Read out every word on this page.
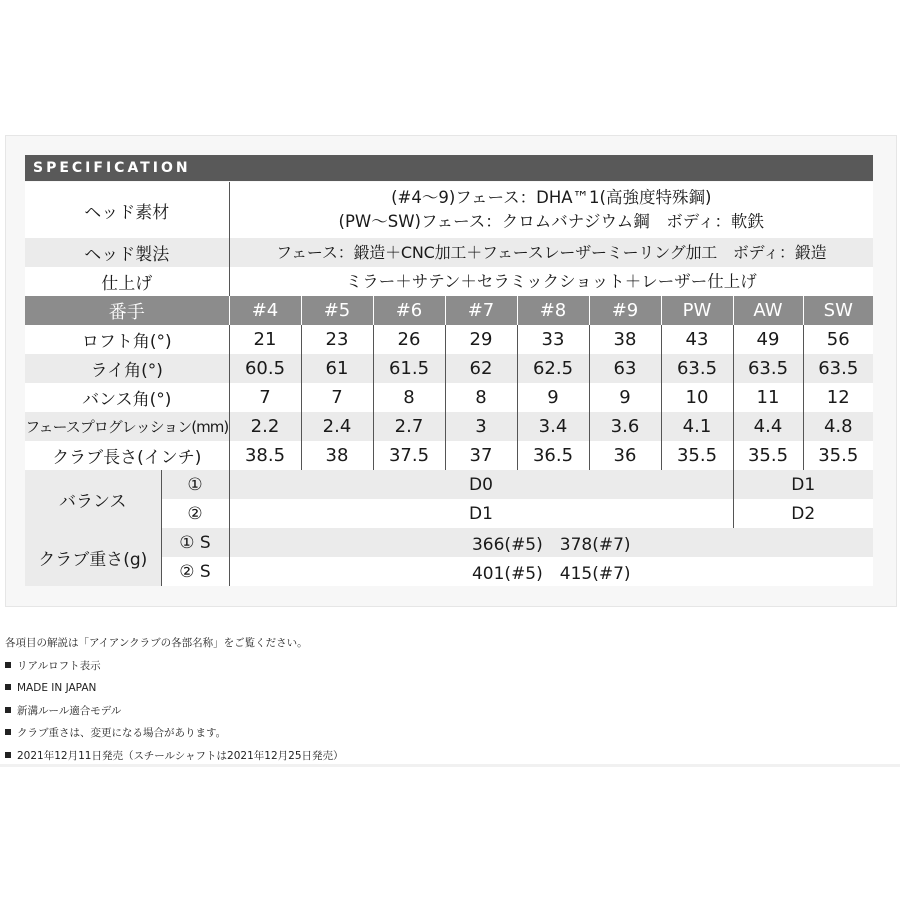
SPECIFICATION
ヘッド素材		(#4～9)フェース：DHA™1(高強度特殊鋼)
(PW～SW)フェース：クロムバナジウム鋼　ボディ：軟鉄								

ヘッド製法		フェース：鍛造＋CNC加工＋フェースレーザーミーリング加工　ボディ：鍛造								
仕上げ		ミラー＋サテン＋セラミックショット＋レーザー仕上げ								
番手		#4	#5	#6	#7	#8	#9	PW	AW	SW
ロフト角(°)		21	23	26	29	33	38	43	49	56
ライ角(°)		60.5	61	61.5	62	62.5	63	63.5	63.5	63.5
バンス角(°)		7	7	8	8	9	9	10	11	12
フェースプログレッション(mm)		2.2	2.4	2.7	3	3.4	3.6	4.1	4.4	4.8
クラブ長さ(インチ)		38.5	38	37.5	37	36.5	36	35.5	35.5	35.5
バランス	①	D0							D1	
	②	D1							D2	
クラブ重さ(g)	① S	366(#5)　378(#7)								
	② S	401(#5)　415(#7)								
各項目の解説は「アイアンクラブの各部名称」をご覧ください。
リアルロフト表示
MADE IN JAPAN
新溝ルール適合モデル
クラブ重さは、変更になる場合があります。
2021年12月11日発売（スチールシャフトは2021年12月25日発売）
